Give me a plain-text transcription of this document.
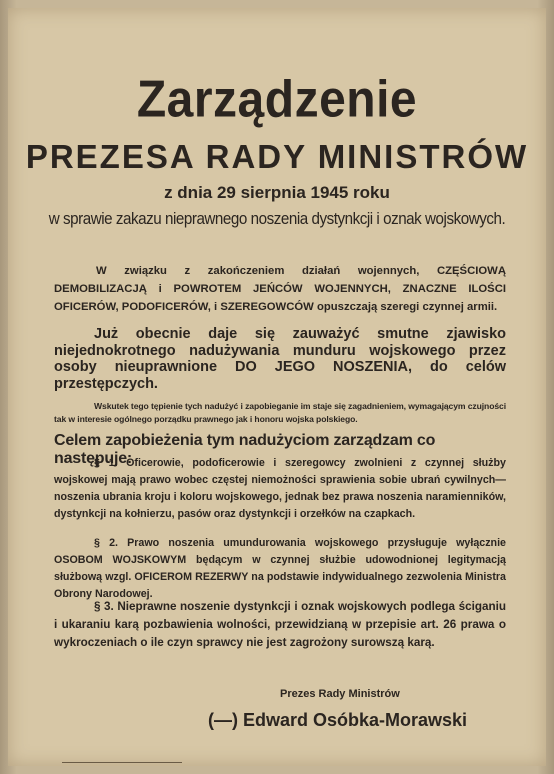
Zarządzenie
PREZESA RADY MINISTRÓW
z dnia 29 sierpnia 1945 roku
w sprawie zakazu nieprawnego noszenia dystynkcji i oznak wojskowych.

W związku z zakończeniem działań wojennych, CZĘŚCIOWĄ DEMOBILIZACJĄ i POWROTEM JEŃCÓW WOJENNYCH, ZNACZNE ILOŚCI OFICERÓW, PODOFICERÓW, i SZEREGOWCÓW opuszczają szeregi czynnej armii.

Już obecnie daje się zauważyć smutne zjawisko niejednokrotnego nadużywania munduru wojskowego przez osoby nieuprawnione DO JEGO NOSZENIA, do celów przestępczych.

Wskutek tego tępienie tych nadużyć i zapobieganie im staje się zagadnieniem, wymagającym czujności tak w interesie ogólnego porządku prawnego jak i honoru wojska polskiego.

Celem zapobieżenia tym nadużyciom zarządzam co następuje:

§ 1. Oficerowie, podoficerowie i szeregowcy zwolnieni z czynnej służby wojskowej mają prawo wobec częstej niemożności sprawienia sobie ubrań cywilnych—noszenia ubrania kroju i koloru wojskowego, jednak bez prawa noszenia naramienników, dystynkcji na kołnierzu, pasów oraz dystynkcji i orzełków na czapkach.

§ 2. Prawo noszenia umundurowania wojskowego przysługuje wyłącznie OSOBOM WOJSKOWYM będącym w czynnej służbie udowodnionej legitymacją służbową wzgl. OFICEROM REZERWY na podstawie indywidualnego zezwolenia Ministra Obrony Narodowej.

§ 3. Nieprawne noszenie dystynkcji i oznak wojskowych podlega ściganiu i ukaraniu karą pozbawienia wolności, przewidzianą w przepisie art. 26 prawa o wykroczeniach o ile czyn sprawcy nie jest zagrożony surowszą karą.

Prezes Rady Ministrów
(—) Edward Osóbka-Morawski
